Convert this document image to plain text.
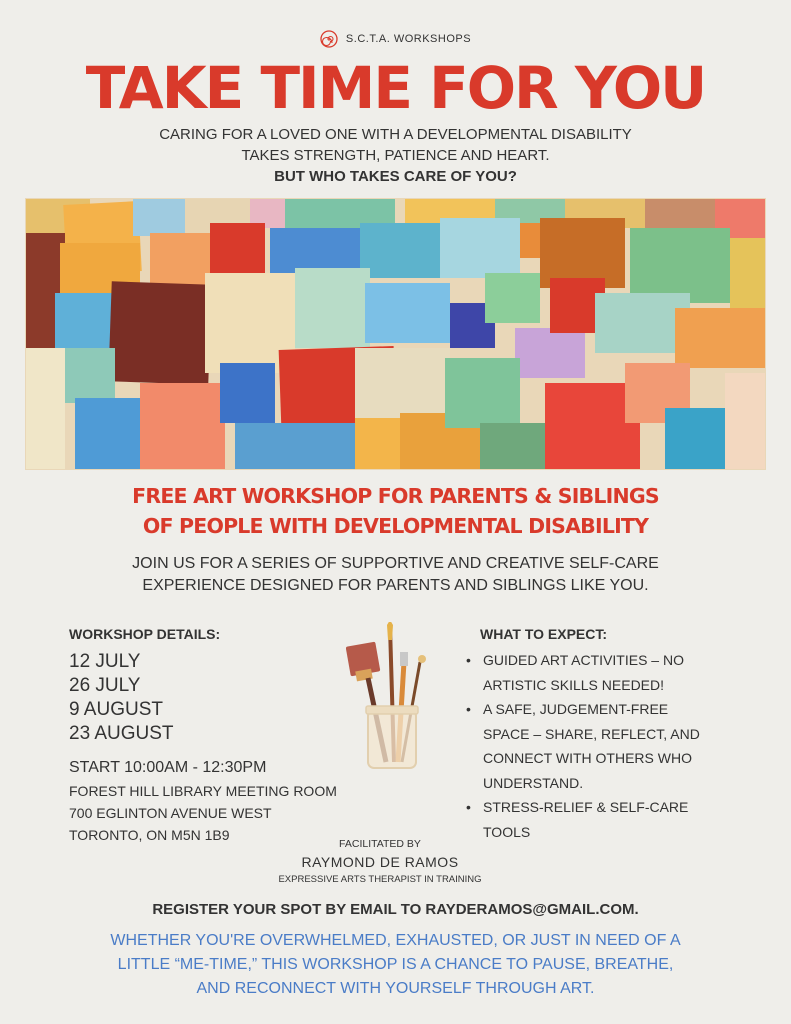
S.C.T.A. WORKSHOPS
TAKE TIME FOR YOU
CARING FOR A LOVED ONE WITH A DEVELOPMENTAL DISABILITY
TAKES STRENGTH, PATIENCE AND HEART.
BUT WHO TAKES CARE OF YOU?
FREE ART WORKSHOP FOR PARENTS & SIBLINGS
OF PEOPLE WITH DEVELOPMENTAL DISABILITY
JOIN US FOR A SERIES OF SUPPORTIVE AND CREATIVE SELF-CARE
EXPERIENCE DESIGNED FOR PARENTS AND SIBLINGS LIKE YOU.
WORKSHOP DETAILS:
12 JULY
26 JULY
9 AUGUST
23 AUGUST
START 10:00AM - 12:30PM
FOREST HILL LIBRARY MEETING ROOM
700 EGLINTON AVENUE WEST
TORONTO, ON M5N 1B9
WHAT TO EXPECT:
• GUIDED ART ACTIVITIES – NO ARTISTIC SKILLS NEEDED!
• A SAFE, JUDGEMENT-FREE SPACE – SHARE, REFLECT, AND CONNECT WITH OTHERS WHO UNDERSTAND.
• STRESS-RELIEF & SELF-CARE TOOLS
FACILITATED BY
RAYMOND DE RAMOS
EXPRESSIVE ARTS THERAPIST IN TRAINING
REGISTER YOUR SPOT BY EMAIL TO RAYDERAMOS@GMAIL.COM.
WHETHER YOU'RE OVERWHELMED, EXHAUSTED, OR JUST IN NEED OF A
LITTLE “ME-TIME,” THIS WORKSHOP IS A CHANCE TO PAUSE, BREATHE,
AND RECONNECT WITH YOURSELF THROUGH ART.
